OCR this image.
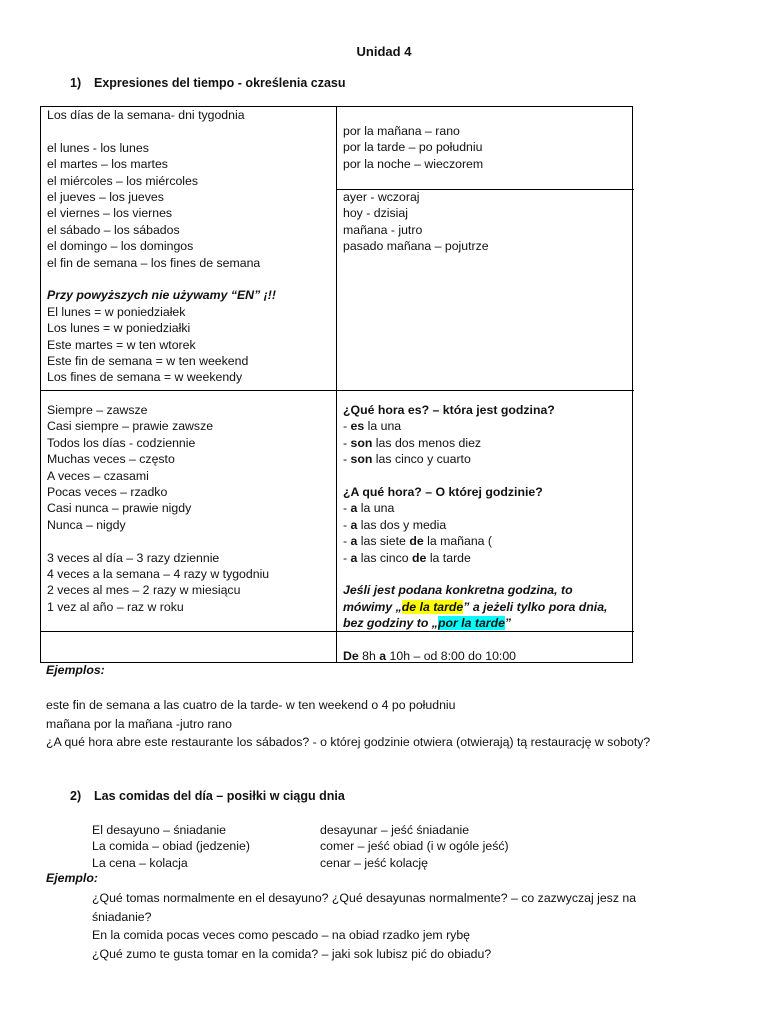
Unidad 4
1) Expresiones del tiempo - określenia czasu
Los días de la semana- dni tygodnia
el lunes - los lunes
el martes – los martes
el miércoles – los miércoles
el jueves – los jueves
el viernes – los viernes
el sábado – los sábados
el domingo – los domingos
el fin de semana – los fines de semana
Przy powyższych nie używamy “EN” ¡!!
El lunes = w poniedziałek
Los lunes = w poniedziałki
Este martes = w ten wtorek
Este fin de semana = w ten weekend
Los fines de semana = w weekendy
por la mañana – rano
por la tarde – po południu
por la noche – wieczorem
ayer - wczoraj
hoy - dzisiaj
mañana - jutro
pasado mañana – pojutrze
Siempre – zawsze
Casi siempre – prawie zawsze
Todos los días - codziennie
Muchas veces – często
A veces – czasami
Pocas veces – rzadko
Casi nunca – prawie nigdy
Nunca – nigdy
3 veces al día – 3 razy dziennie
4 veces a la semana – 4 razy w tygodniu
2 veces al mes – 2 razy w miesiącu
1 vez al año – raz w roku
¿Qué hora es? – która jest godzina?
- es la una
- son las dos menos diez
- son las cinco y cuarto
¿A qué hora? – O której godzinie?
- a la una
- a las dos y media
- a las siete de la mañana (
- a las cinco de la tarde
Jeśli jest podana konkretna godzina, to
mówimy „de la tarde” a jeżeli tylko pora dnia,
bez godziny to „por la tarde”
De 8h a 10h – od 8:00 do 10:00
Ejemplos:
este fin de semana a las cuatro de la tarde- w ten weekend o 4 po południu
mañana por la mañana -jutro rano
¿A qué hora abre este restaurante los sábados? - o której godzinie otwiera (otwierają) tą restaurację w soboty?
2) Las comidas del día – posiłki w ciągu dnia
El desayuno – śniadanie
La comida – obiad (jedzenie)
La cena – kolacja
desayunar – jeść śniadanie
comer – jeść obiad (i w ogóle jeść)
cenar – jeść kolację
Ejemplo:
¿Qué tomas normalmente en el desayuno? ¿Qué desayunas normalmente? – co zazwyczaj jesz na
śniadanie?
En la comida pocas veces como pescado – na obiad rzadko jem rybę
¿Qué zumo te gusta tomar en la comida? – jaki sok lubisz pić do obiadu?
